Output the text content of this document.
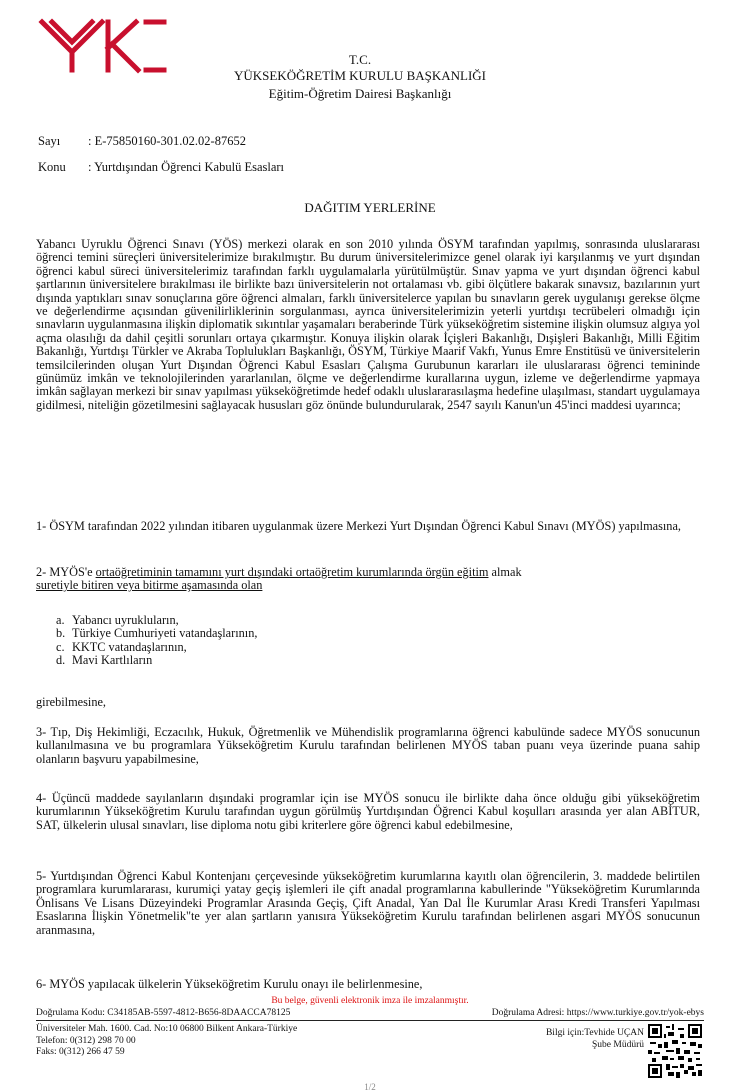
T.C.
YÜKSEKÖĞRETİM KURULU BAŞKANLIĞI
Eğitim-Öğretim Dairesi Başkanlığı
Sayı : E-75850160-301.02.02-87652
Konu : Yurtdışından Öğrenci Kabulü Esasları
DAĞITIM YERLERİNE
Yabancı Uyruklu Öğrenci Sınavı (YÖS) merkezi olarak en son 2010 yılında ÖSYM tarafından yapılmış, sonrasında uluslararası öğrenci temini süreçleri üniversitelerimize bırakılmıştır. Bu durum üniversitelerimizce genel olarak iyi karşılanmış ve yurt dışından öğrenci kabul süreci üniversitelerimiz tarafından farklı uygulamalarla yürütülmüştür. Sınav yapma ve yurt dışından öğrenci kabul şartlarının üniversitelere bırakılması ile birlikte bazı üniversitelerin not ortalaması vb. gibi ölçütlere bakarak sınavsız, bazılarının yurt dışında yaptıkları sınav sonuçlarına göre öğrenci almaları, farklı üniversitelerce yapılan bu sınavların gerek uygulanışı gerekse ölçme ve değerlendirme açısından güvenilirliklerinin sorgulanması, ayrıca üniversitelerimizin yeterli yurtdışı tecrübeleri olmadığı için sınavların uygulanmasına ilişkin diplomatik sıkıntılar yaşamaları beraberinde Türk yükseköğretim sistemine ilişkin olumsuz algıya yol açma olasılığı da dahil çeşitli sorunları ortaya çıkarmıştır. Konuya ilişkin olarak İçişleri Bakanlığı, Dışişleri Bakanlığı, Milli Eğitim Bakanlığı, Yurtdışı Türkler ve Akraba Toplulukları Başkanlığı, ÖSYM, Türkiye Maarif Vakfı, Yunus Emre Enstitüsü ve üniversitelerin temsilcilerinden oluşan Yurt Dışından Öğrenci Kabul Esasları Çalışma Gurubunun kararları ile uluslararası öğrenci temininde günümüz imkân ve teknolojilerinden yararlanılan, ölçme ve değerlendirme kurallarına uygun, izleme ve değerlendirme yapmaya imkân sağlayan merkezi bir sınav yapılması yükseköğretimde hedef odaklı uluslararasılaşma hedefine ulaşılması, standart uygulamaya gidilmesi, niteliğin gözetilmesini sağlayacak hususları göz önünde bulundurularak, 2547 sayılı Kanun'un 45'inci maddesi uyarınca;
1- ÖSYM tarafından 2022 yılından itibaren uygulanmak üzere Merkezi Yurt Dışından Öğrenci Kabul Sınavı (MYÖS) yapılmasına,
2- MYÖS'e ortaöğretiminin tamamını yurt dışındaki ortaöğretim kurumlarında örgün eğitim almak
suretiyle bitiren veya bitirme aşamasında olan
a. Yabancı uyrukluların,
b. Türkiye Cumhuriyeti vatandaşlarının,
c. KKTC vatandaşlarının,
d. Mavi Kartlıların
girebilmesine,
3- Tıp, Diş Hekimliği, Eczacılık, Hukuk, Öğretmenlik ve Mühendislik programlarına öğrenci kabulünde sadece MYÖS sonucunun kullanılmasına ve bu programlara Yükseköğretim Kurulu tarafından belirlenen MYÖS taban puanı veya üzerinde puana sahip olanların başvuru yapabilmesine,
4- Üçüncü maddede sayılanların dışındaki programlar için ise MYÖS sonucu ile birlikte daha önce olduğu gibi yükseköğretim kurumlarının Yükseköğretim Kurulu tarafından uygun görülmüş Yurtdışından Öğrenci Kabul koşulları arasında yer alan ABİTUR, SAT, ülkelerin ulusal sınavları, lise diploma notu gibi kriterlere göre öğrenci kabul edebilmesine,
5- Yurtdışından Öğrenci Kabul Kontenjanı çerçevesinde yükseköğretim kurumlarına kayıtlı olan öğrencilerin, 3. maddede belirtilen programlara kurumlararası, kurumiçi yatay geçiş işlemleri ile çift anadal programlarına kabullerinde "Yükseköğretim Kurumlarında Önlisans Ve Lisans Düzeyindeki Programlar Arasında Geçiş, Çift Anadal, Yan Dal İle Kurumlar Arası Kredi Transferi Yapılması Esaslarına İlişkin Yönetmelik"te yer alan şartların yanısıra Yükseköğretim Kurulu tarafından belirlenen asgari MYÖS sonucunun aranmasına,
6- MYÖS yapılacak ülkelerin Yükseköğretim Kurulu onayı ile belirlenmesine,
Bu belge, güvenli elektronik imza ile imzalanmıştır.
Doğrulama Kodu: C34185AB-5597-4812-B656-8DAACCA78125	Doğrulama Adresi: https://www.turkiye.gov.tr/yok-ebys
Üniversiteler Mah. 1600. Cad. No:10 06800 Bilkent Ankara-Türkiye
Telefon: 0(312) 298 70 00
Faks: 0(312) 266 47 59
Bilgi için:Tevhide UÇAN
Şube Müdürü
1/2
